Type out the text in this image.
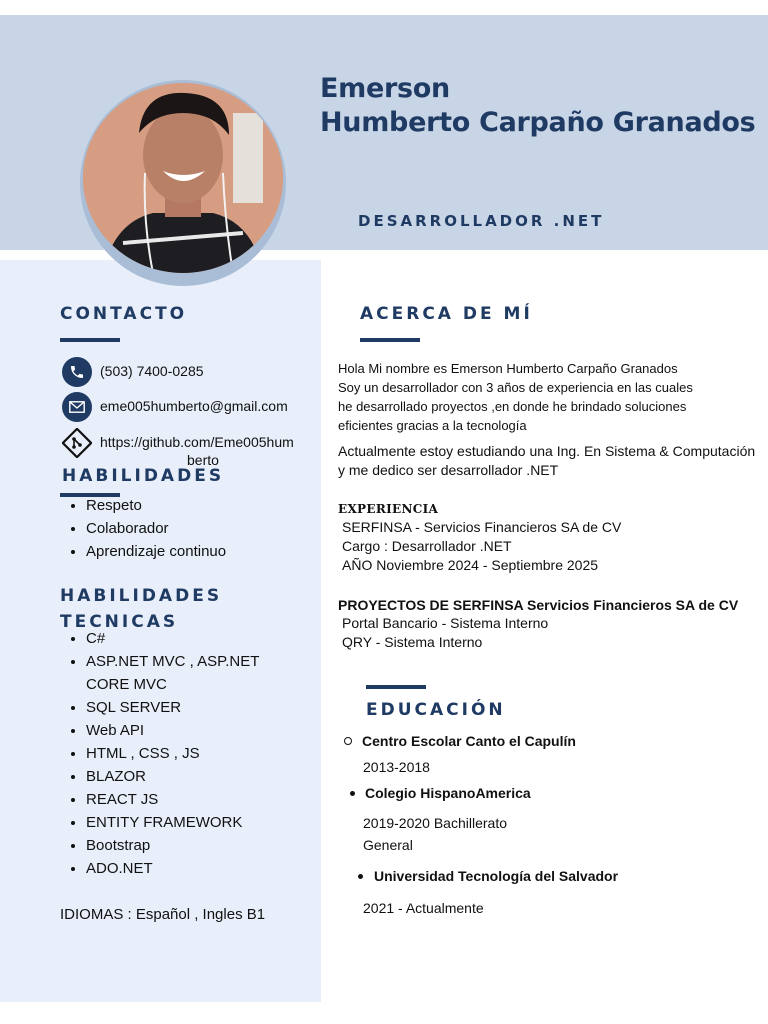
Emerson
Humberto Carpaño Granados
DESARROLLADOR .NET
CONTACTO
(503) 7400-0285
eme005humberto@gmail.com
https://github.com/Eme005hum
berto
HABILIDADES
• Respeto
• Colaborador
• Aprendizaje continuo
HABILIDADES
TECNICAS
• C#
• ASP.NET MVC , ASP.NET CORE MVC
• SQL SERVER
• Web API
• HTML , CSS , JS
• BLAZOR
• REACT JS
• ENTITY FRAMEWORK
• Bootstrap
• ADO.NET
IDIOMAS : Español , Ingles B1
ACERCA DE MÍ

Hola Mi nombre es Emerson Humberto Carpaño Granados

Soy un desarrollador con 3 años de experiencia en las cuales

he desarrollado proyectos ,en donde he brindado soluciones

eficientes gracias a la tecnología

Actualmente estoy estudiando una Ing. En Sistema & Computación

y me dedico ser desarrollador .NET

EXPERIENCIA

SERFINSA - Servicios Financieros SA de CV

Cargo : Desarrollador .NET

AÑO Noviembre 2024 - Septiembre 2025

PROYECTOS DE SERFINSA Servicios Financieros SA de CV

Portal Bancario - Sistema Interno

QRY - Sistema Interno

EDUCACIÓN
Centro Escolar Canto el Capulín
2013-2018
Colegio HispanoAmerica
2019-2020 Bachillerato
General
Universidad Tecnología del Salvador
2021 - Actualmente
